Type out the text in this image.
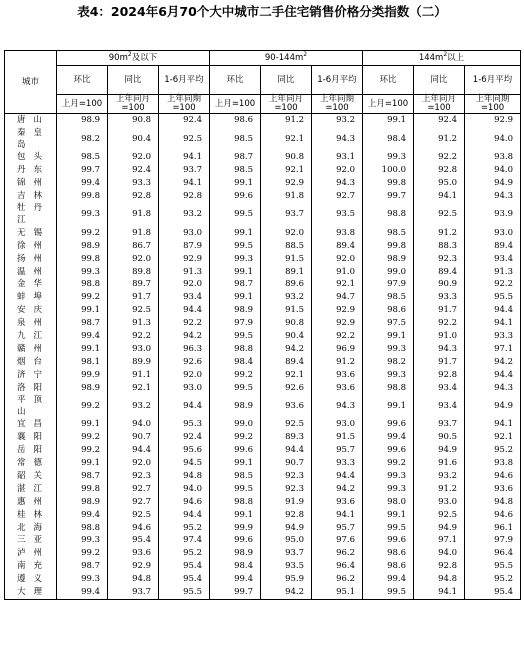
表4：2024年6月70个大中城市二手住宅销售价格分类指数（二）
城市	$90m^2$及以下			$90-144m^2$			$144m^2$以上		
	环比	同比	1-6月平均	环比	同比	1-6月平均	环比	同比	1-6月平均
	上月=100	上年同月=100	上年同期=100	上月=100	上年同月=100	上年同期=100	上月=100	上年同月=100	上年同期=100
唐山	98.9	90.8	92.4	98.6	91.2	93.2	99.1	92.4	92.9
秦皇岛	98.2	90.4	92.5	98.5	92.1	94.3	98.4	91.2	94.0
包头	98.5	92.0	94.1	98.7	90.8	93.1	99.3	92.2	93.8
丹东	99.7	92.4	93.7	98.5	92.1	92.0	100.0	92.8	94.0
锦州	99.4	93.3	94.1	99.1	92.9	94.3	99.8	95.0	94.9
吉林	99.8	92.8	92.8	99.6	91.8	92.7	99.7	94.1	94.3
牡丹江	99.3	91.8	93.2	99.5	93.7	93.5	98.8	92.5	93.9
无锡	99.2	91.8	93.0	99.1	92.0	93.8	98.5	91.2	93.0
徐州	98.9	86.7	87.9	99.5	88.5	89.4	99.8	88.3	89.4
扬州	99.8	92.0	92.9	99.3	91.5	92.0	98.9	92.3	93.4
温州	99.3	89.8	91.3	99.1	89.1	91.0	99.0	89.4	91.3
金华	98.8	89.7	92.0	98.7	89.6	92.1	97.9	90.9	92.2
蚌埠	99.2	91.7	93.4	99.1	93.2	94.7	98.5	93.3	95.5
安庆	99.1	92.5	94.4	98.9	91.5	92.9	98.6	91.7	94.4
泉州	98.7	91.3	92.2	97.9	90.8	92.9	97.5	92.2	94.1
九江	99.4	92.2	94.2	99.5	90.4	92.2	99.1	91.0	93.3
赣州	99.1	93.0	96.3	98.8	94.2	96.9	99.3	94.3	97.1
烟台	98.1	89.9	92.6	98.4	89.4	91.2	98.2	91.7	94.2
济宁	99.9	91.1	92.0	99.2	92.1	93.6	99.3	92.8	94.4
洛阳	98.9	92.1	93.0	99.5	92.6	93.6	98.8	93.4	94.3
平顶山	99.2	93.2	94.4	98.9	93.6	94.3	99.1	93.4	94.9
宜昌	99.1	94.0	95.3	99.0	92.5	93.0	99.6	93.7	94.1
襄阳	99.2	90.7	92.4	99.2	89.3	91.5	99.4	90.5	92.1
岳阳	99.2	94.4	95.6	99.6	94.4	95.7	99.6	94.9	95.2
常德	99.1	92.0	94.5	99.1	90.7	93.3	99.2	91.6	93.8
韶关	98.7	92.3	94.8	98.5	92.3	94.4	99.3	93.2	94.6
湛江	99.8	92.7	94.0	99.5	92.3	94.2	99.3	91.2	93.6
惠州	98.9	92.7	94.6	98.8	91.9	93.6	98.0	93.0	94.8
桂林	99.4	92.5	94.4	99.1	92.8	94.1	99.1	92.5	94.6
北海	98.8	94.6	95.2	99.9	94.9	95.7	99.5	94.9	96.1
三亚	99.3	95.4	97.4	99.6	95.0	97.6	99.6	97.1	97.9
泸州	99.2	93.6	95.2	98.9	93.7	96.2	98.6	94.0	96.4
南充	98.7	92.9	95.4	98.4	93.5	96.4	98.6	92.8	95.5
遵义	99.3	94.8	95.4	99.4	95.9	96.2	99.4	94.8	95.2
大理	99.4	93.7	95.5	99.7	94.2	95.1	99.5	94.1	95.4
